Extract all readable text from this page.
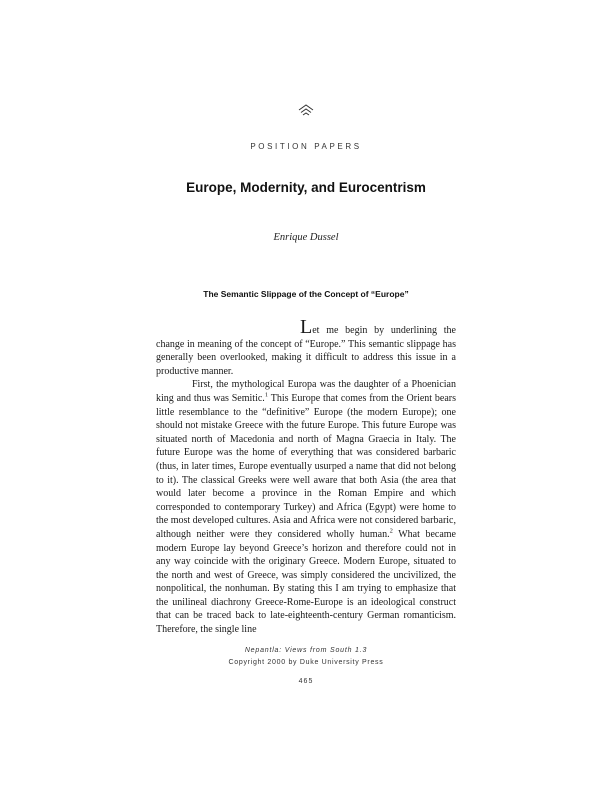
POSITION PAPERS
Europe, Modernity, and Eurocentrism
Enrique Dussel
The Semantic Slippage of the Concept of “Europe”

Let me begin by underlining the change in meaning of the concept of “Europe.” This semantic slippage has generally been overlooked, making it difficult to address this issue in a productive manner.

First, the mythological Europa was the daughter of a Phoenician king and thus was Semitic.$^1$ This Europe that comes from the Orient bears little resemblance to the “definitive” Europe (the modern Europe); one should not mistake Greece with the future Europe. This future Europe was situated north of Macedonia and north of Magna Graecia in Italy. The future Europe was the home of everything that was considered barbaric (thus, in later times, Europe eventually usurped a name that did not belong to it). The classical Greeks were well aware that both Asia (the area that would later become a province in the Roman Empire and which corresponded to contemporary Turkey) and Africa (Egypt) were home to the most developed cultures. Asia and Africa were not considered barbaric, although neither were they considered wholly human.$^2$ What became modern Europe lay beyond Greece’s horizon and therefore could not in any way coincide with the originary Greece. Modern Europe, situated to the north and west of Greece, was simply considered the uncivilized, the nonpolitical, the nonhuman. By stating this I am trying to emphasize that the unilineal diachrony Greece-Rome-Europe is an ideological construct that can be traced back to late-eighteenth-century German romanticism. Therefore, the single line

Nepantla: Views from South 1.3
Copyright 2000 by Duke University Press
465
